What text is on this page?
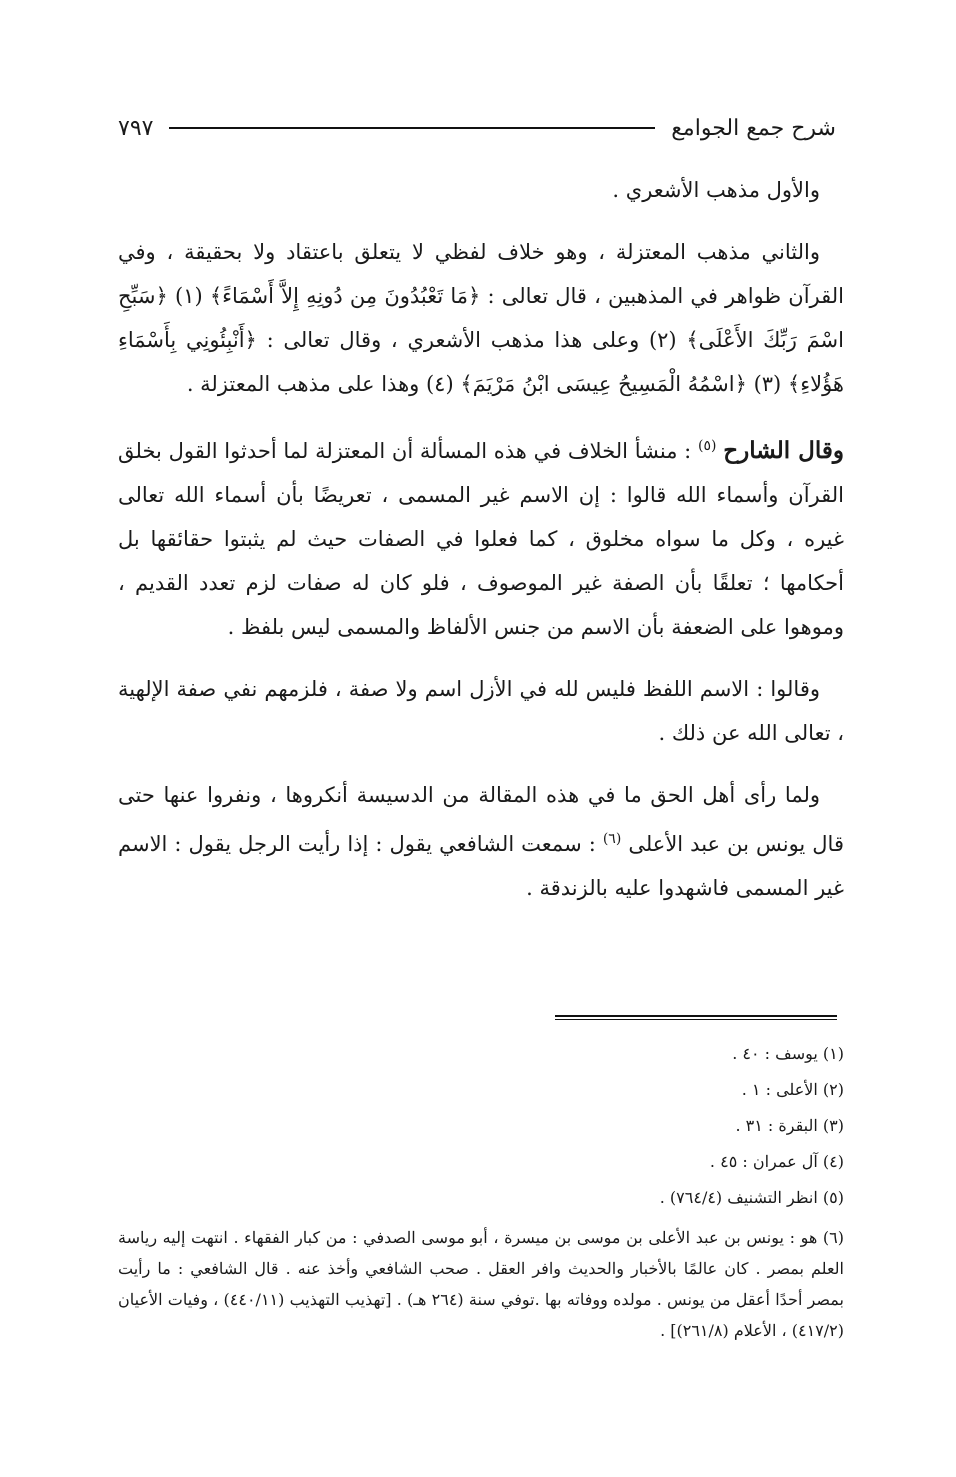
شرح جمع الجوامع
٧٩٧

والأول مذهب الأشعري .

والثاني مذهب المعتزلة ، وهو خلاف لفظي لا يتعلق باعتقاد ولا بحقيقة ، وفي القرآن ظواهر في المذهبين ، قال تعالى : ﴿مَا تَعْبُدُونَ مِن دُونِهِ إِلاَّ أَسْمَاءً﴾ (١) ﴿سَبِّحِ اسْمَ رَبِّكَ الأَعْلَى﴾ (٢) وعلى هذا مذهب الأشعري ، وقال تعالى : ﴿أَنْبِئُونِي بِأَسْمَاءِ هَؤُلاءِ﴾ (٣) ﴿اسْمُهُ الْمَسِيحُ عِيسَى ابْنُ مَرْيَمَ﴾ (٤) وهذا على مذهب المعتزلة .

وقال الشارح $^{(٥)}$ : منشأ الخلاف في هذه المسألة أن المعتزلة لما أحدثوا القول بخلق القرآن وأسماء الله قالوا : إن الاسم غير المسمى ، تعريضًا بأن أسماء الله تعالى غيره ، وكل ما سواه مخلوق ، كما فعلوا في الصفات حيث لم يثبتوا حقائقها بل أحكامها ؛ تعلقًا بأن الصفة غير الموصوف ، فلو كان له صفات لزم تعدد القديم ، وموهوا على الضعفة بأن الاسم من جنس الألفاظ والمسمى ليس بلفظ .

وقالوا : الاسم اللفظ فليس لله في الأزل اسم ولا صفة ، فلزمهم نفي صفة الإلهية ، تعالى الله عن ذلك .

ولما رأى أهل الحق ما في هذه المقالة من الدسيسة أنكروها ، ونفروا عنها حتى قال يونس بن عبد الأعلى $^{(٦)}$ : سمعت الشافعي يقول : إذا رأيت الرجل يقول : الاسم غير المسمى فاشهدوا عليه بالزندقة .

(١) يوسف : ٤٠ .

(٢) الأعلى : ١ .

(٣) البقرة : ٣١ .

(٤) آل عمران : ٤٥ .

(٥) انظر التشنيف (٧٦٤/٤) .

(٦) هو : يونس بن عبد الأعلى بن موسى بن ميسرة ، أبو موسى الصدفي : من كبار الفقهاء . انتهت إليه رياسة العلم بمصر . كان عالمًا بالأخبار والحديث وافر العقل . صحب الشافعي وأخذ عنه . قال الشافعي : ما رأيت بمصر أحدًا أعقل من يونس . مولده ووفاته بها .توفي سنة (٢٦٤ هـ) . [تهذيب التهذيب (٤٤٠/١١) ، وفيات الأعيان (٤١٧/٢) ، الأعلام (٢٦١/٨)] .
